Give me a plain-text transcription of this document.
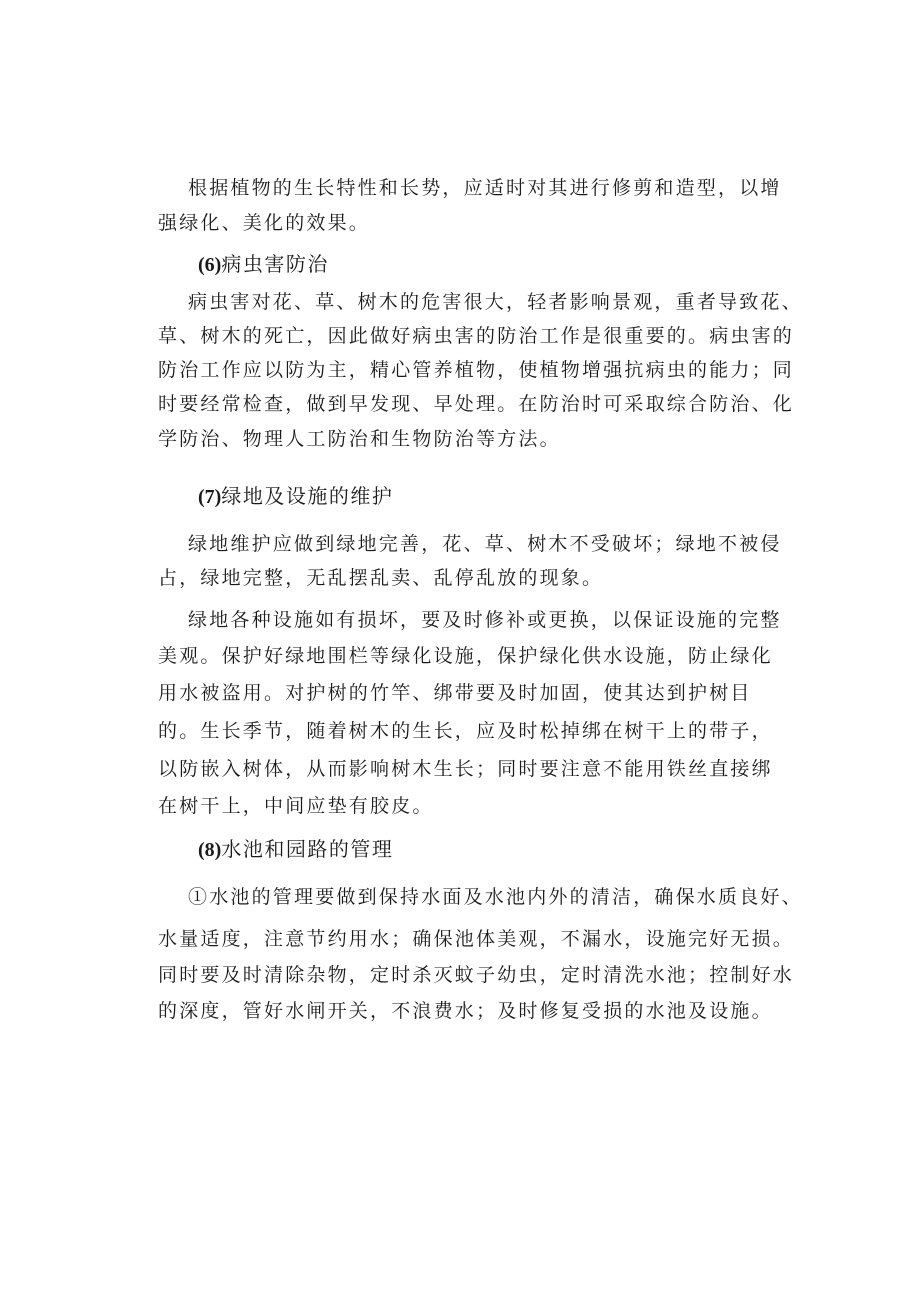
根据植物的生长特性和长势，应适时对其进行修剪和造型，以增
强绿化、美化的效果。
(6)病虫害防治
病虫害对花、草、树木的危害很大，轻者影响景观，重者导致花、
草、树木的死亡，因此做好病虫害的防治工作是很重要的。病虫害的
防治工作应以防为主，精心管养植物，使植物增强抗病虫的能力；同
时要经常检查，做到早发现、早处理。在防治时可采取综合防治、化
学防治、物理人工防治和生物防治等方法。
(7)绿地及设施的维护
绿地维护应做到绿地完善，花、草、树木不受破坏；绿地不被侵
占，绿地完整，无乱摆乱卖、乱停乱放的现象。
绿地各种设施如有损坏，要及时修补或更换，以保证设施的完整
美观。保护好绿地围栏等绿化设施，保护绿化供水设施，防止绿化
用水被盗用。对护树的竹竿、绑带要及时加固，使其达到护树目
的。生长季节，随着树木的生长，应及时松掉绑在树干上的带子，
以防嵌入树体，从而影响树木生长；同时要注意不能用铁丝直接绑
在树干上，中间应垫有胶皮。
(8)水池和园路的管理
①水池的管理要做到保持水面及水池内外的清洁，确保水质良好、
水量适度，注意节约用水；确保池体美观，不漏水，设施完好无损。
同时要及时清除杂物，定时杀灭蚊子幼虫，定时清洗水池；控制好水
的深度，管好水闸开关，不浪费水；及时修复受损的水池及设施。
